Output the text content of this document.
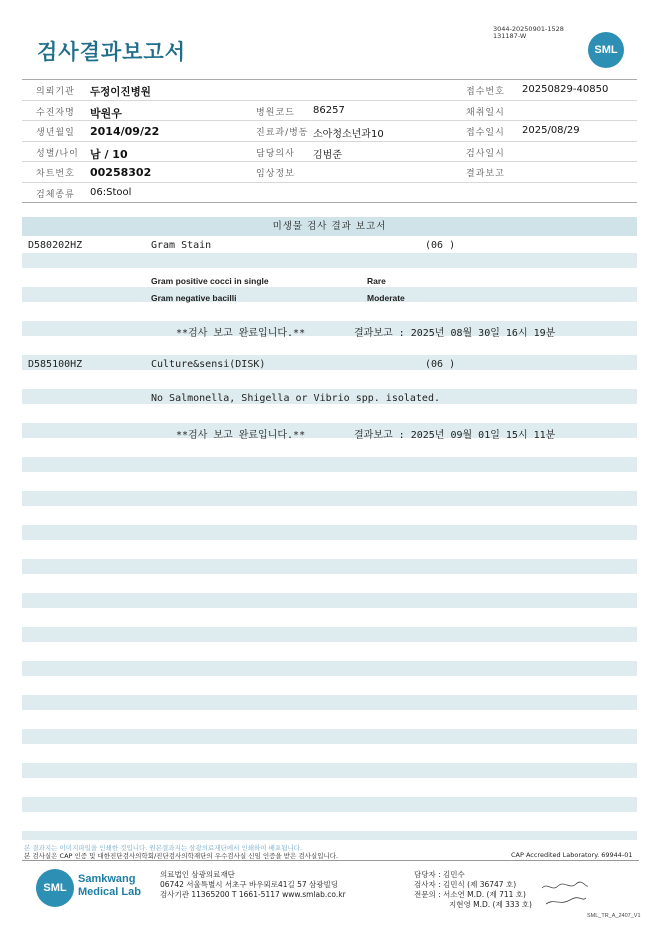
검사결과보고서
3044-20250901-1528
131187-W
SML
의뢰기관 두정이진병원	접수번호 20250829-40850
수진자명 박원우	병원코드 86257	채취일시
생년월일 2014/09/22	진료과/병동 소아청소년과10	접수일시 2025/08/29
성별/나이 남 / 10	담당의사 김범준	검사일시
차트번호 00258302	임상정보	결과보고
검체종류 06:Stool
미생물 검사 결과 보고서
D580202HZ	Gram Stain	(06 )
Gram positive cocci in single	Rare
Gram negative bacilli	Moderate
**검사 보고 완료입니다.**	결과보고 : 2025년 08월 30일 16시 19분
D585100HZ	Culture&sensi(DISK)	(06 )
No Salmonella, Shigella or Vibrio spp. isolated.
**검사 보고 완료입니다.**	결과보고 : 2025년 09월 01일 15시 11분
본 결과지는 이미지파일을 인쇄한 것입니다. 원본결과지는 삼광의료재단에서 인쇄하여 배포됩니다.
본 검사실은 CAP 인증 및 대한진단검사의학회/진단검사의학재단의 우수검사실 신임 인증을 받은 검사실입니다.	CAP Accredited Laboratory. 69944-01
SML
Samkwang
Medical Lab
의료법인 삼광의료재단
06742 서울특별시 서초구 바우뫼로41길 57 삼광빌딩
검사기관 11365200 T 1661-5117 www.smlab.co.kr
담당자 : 김민수
검사자 : 김민식 (제 36747 호)
전문의 : 서소연 M.D. (제 711 호)
지현영 M.D. (제 333 호)
SML_TR_A_2407_V1
